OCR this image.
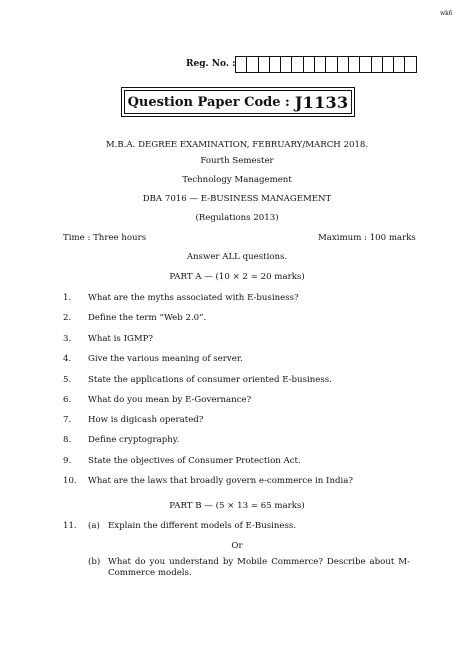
wk6
Reg. No. :
Question Paper Code : J1133
M.B.A. DEGREE EXAMINATION, FEBRUARY/MARCH 2018.
Fourth Semester
Technology Management
DBA 7016 — E-BUSINESS MANAGEMENT
(Regulations 2013)
Time : Three hours	Maximum : 100 marks
Answer ALL questions.
PART A — (10 × 2 = 20 marks)
1. What are the myths associated with E-business?
2. Define the term “Web 2.0”.
3. What is IGMP?
4. Give the various meaning of server.
5. State the applications of consumer oriented E-business.
6. What do you mean by E-Governance?
7. How is digicash operated?
8. Define cryptography.
9. State the objectives of Consumer Protection Act.
10. What are the laws that broadly govern e-commerce in India?
PART B — (5 × 13 = 65 marks)
11. (a) Explain the different models of E-Business.
Or
(b) What do you understand by Mobile Commerce? Describe about M-Commerce models.
